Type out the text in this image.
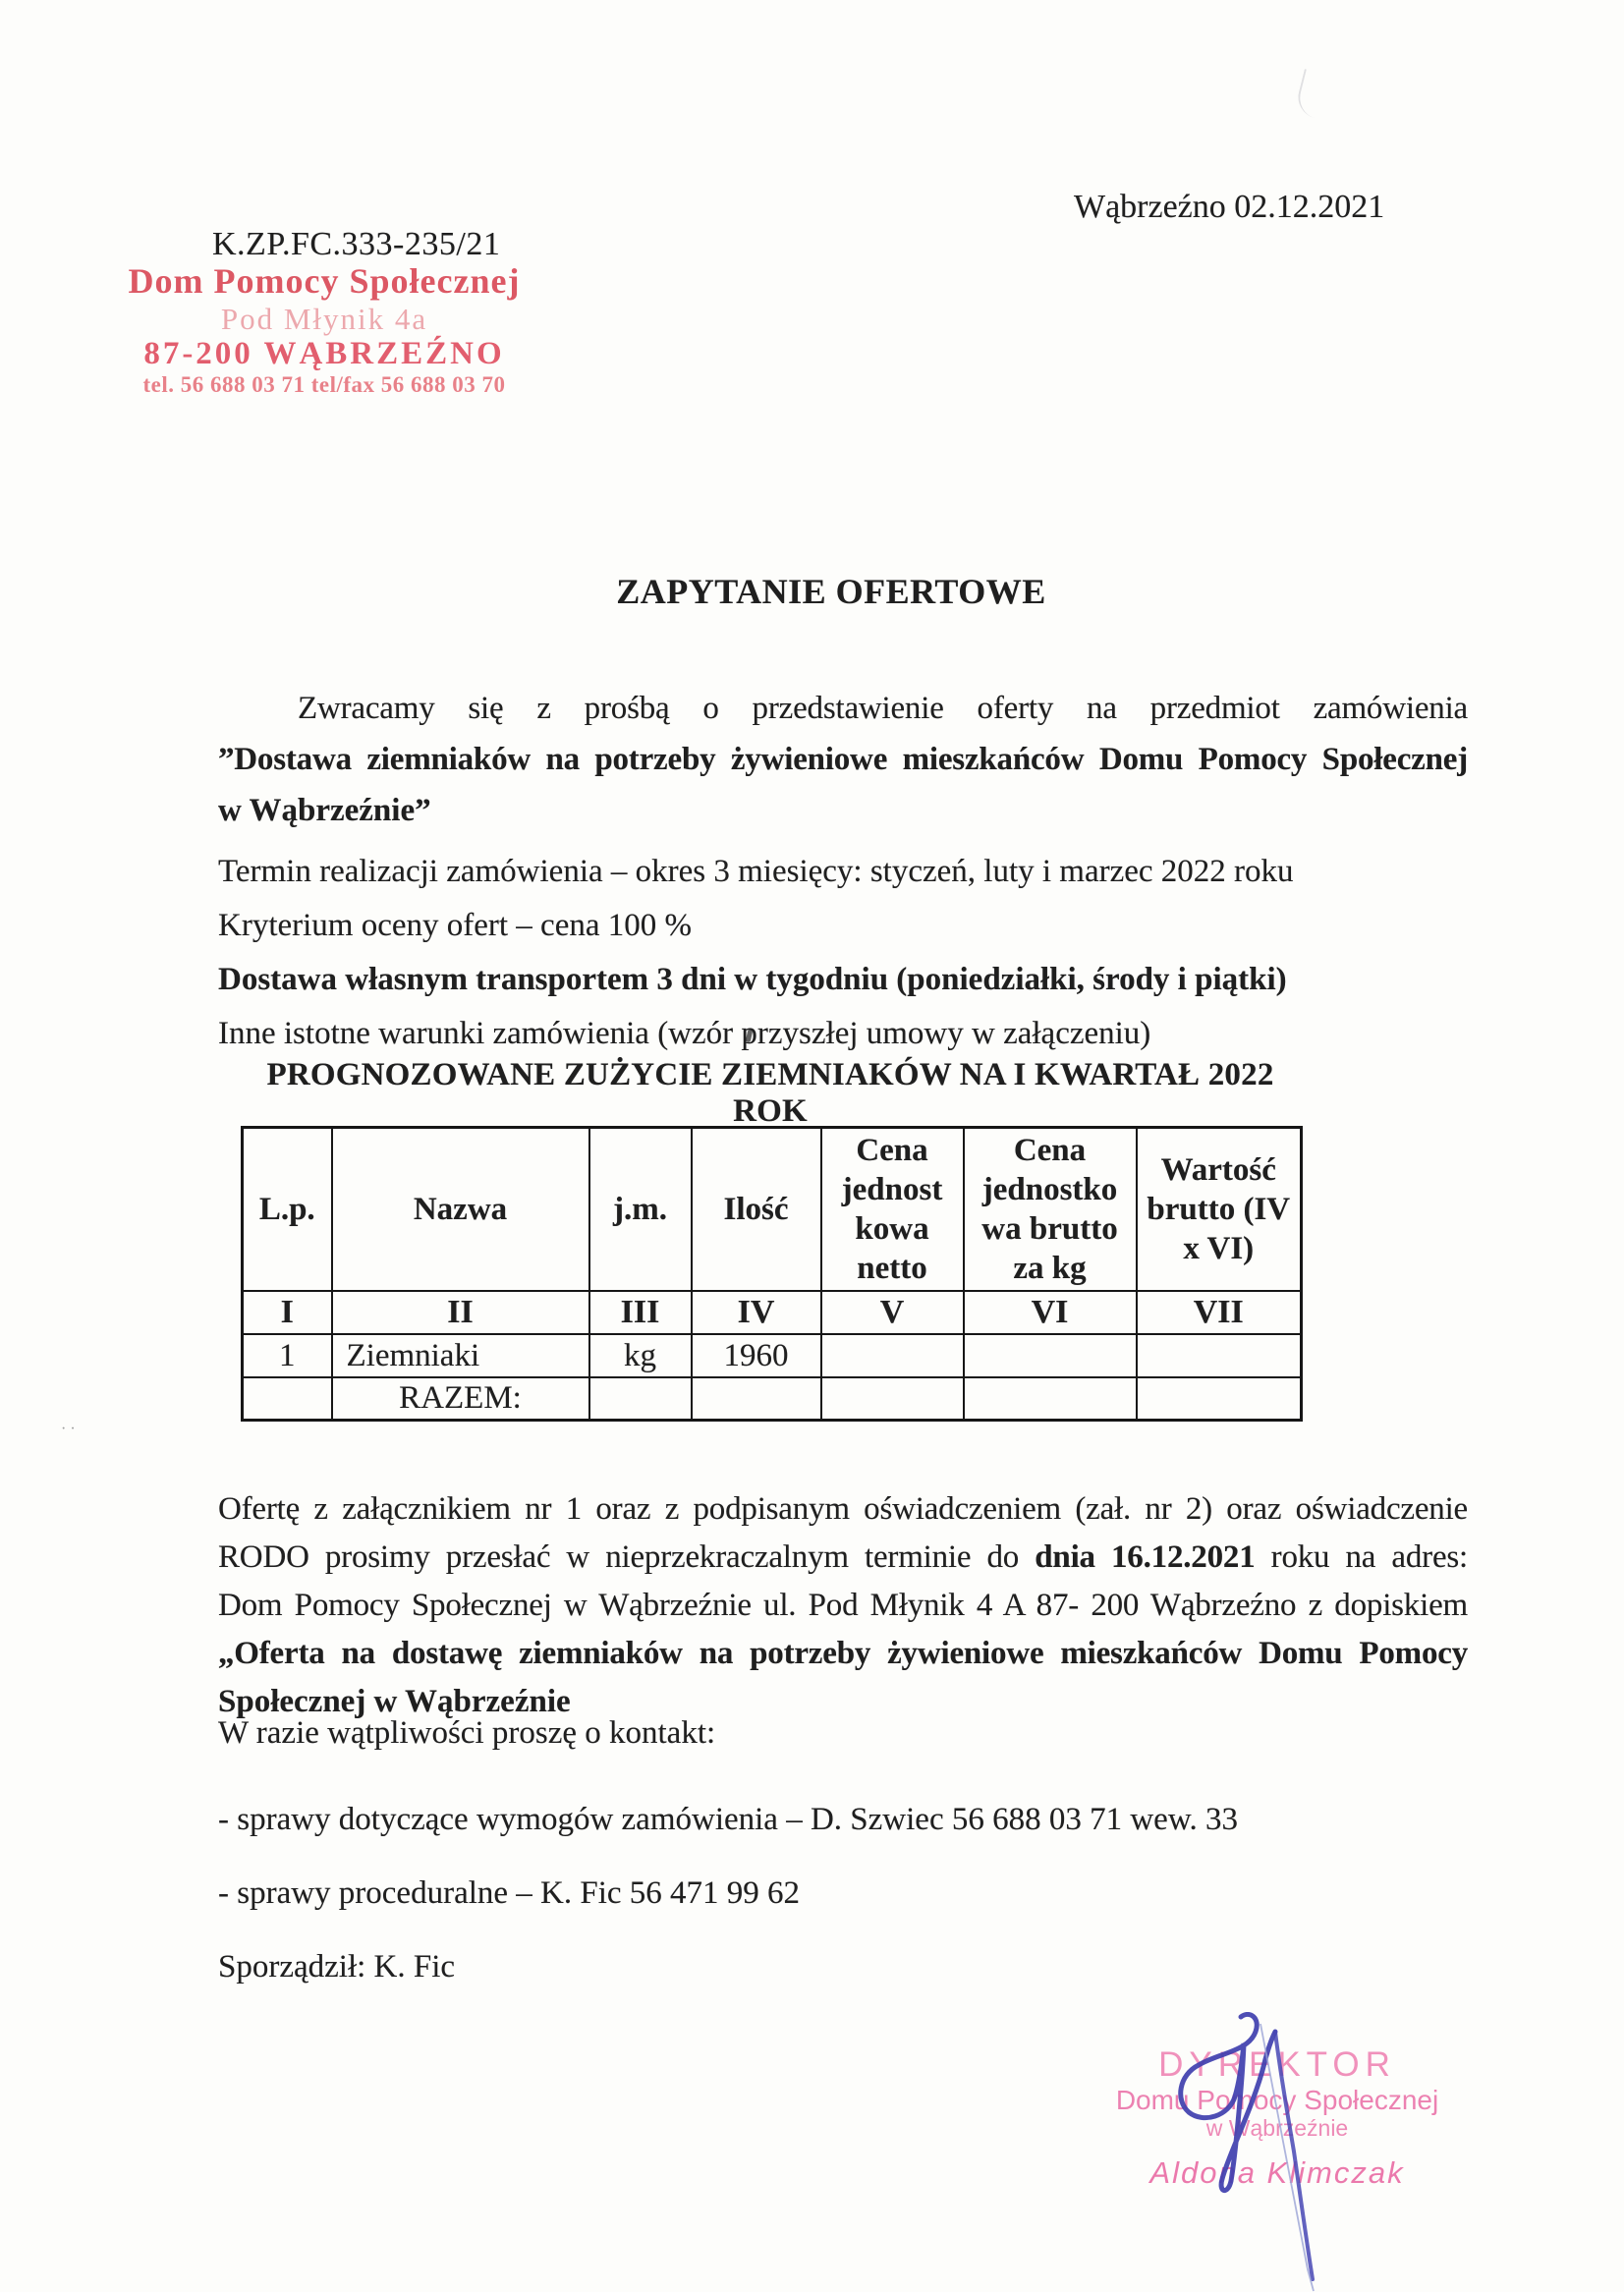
··
Wąbrzeźno 02.12.2021
K.ZP.FC.333-235/21
Dom Pomocy Społecznej
Pod Młynik 4a
87-200 WĄBRZEŹNO
tel. 56 688 03 71 tel/fax 56 688 03 70
ZAPYTANIE OFERTOWE
Zwracamy się z prośbą o przedstawienie oferty na przedmiot zamówienia
”Dostawa ziemniaków na potrzeby żywieniowe mieszkańców Domu Pomocy Społecznej
w Wąbrzeźnie”
Termin realizacji zamówienia – okres 3 miesięcy: styczeń, luty i marzec 2022 roku
Kryterium oceny ofert – cena 100 %
Dostawa własnym transportem 3 dni w tygodniu (poniedziałki, środy i piątki)
Inne istotne warunki zamówienia (wzór przyszłej umowy w załączeniu)
PROGNOZOWANE ZUŻYCIE ZIEMNIAKÓW NA I KWARTAŁ 2022 ROK
L.p.	Nazwa	j.m.	Ilość	Cena jednost kowa netto	Cena jednostko wa brutto za kg	Wartość brutto (IV x VI)
I	II	III	IV	V	VI	VII
1	Ziemniaki	kg	1960			
	RAZEM:					
Ofertę z załącznikiem nr 1 oraz z podpisanym oświadczeniem (zał. nr 2) oraz oświadczenie
RODO prosimy przesłać w nieprzekraczalnym terminie do dnia 16.12.2021 roku na adres:
Dom Pomocy Społecznej w Wąbrzeźnie ul. Pod Młynik 4 A 87- 200 Wąbrzeźno z dopiskiem
„Oferta na dostawę ziemniaków na potrzeby żywieniowe mieszkańców Domu Pomocy
Społecznej w Wąbrzeźnie
W razie wątpliwości proszę o kontakt:
- sprawy dotyczące wymogów zamówienia – D. Szwiec 56 688 03 71 wew. 33
- sprawy proceduralne – K. Fic 56 471 99 62
Sporządził: K. Fic
DYREKTOR
Domu Pomocy Społecznej
w Wąbrzeźnie
Aldona Klimczak
